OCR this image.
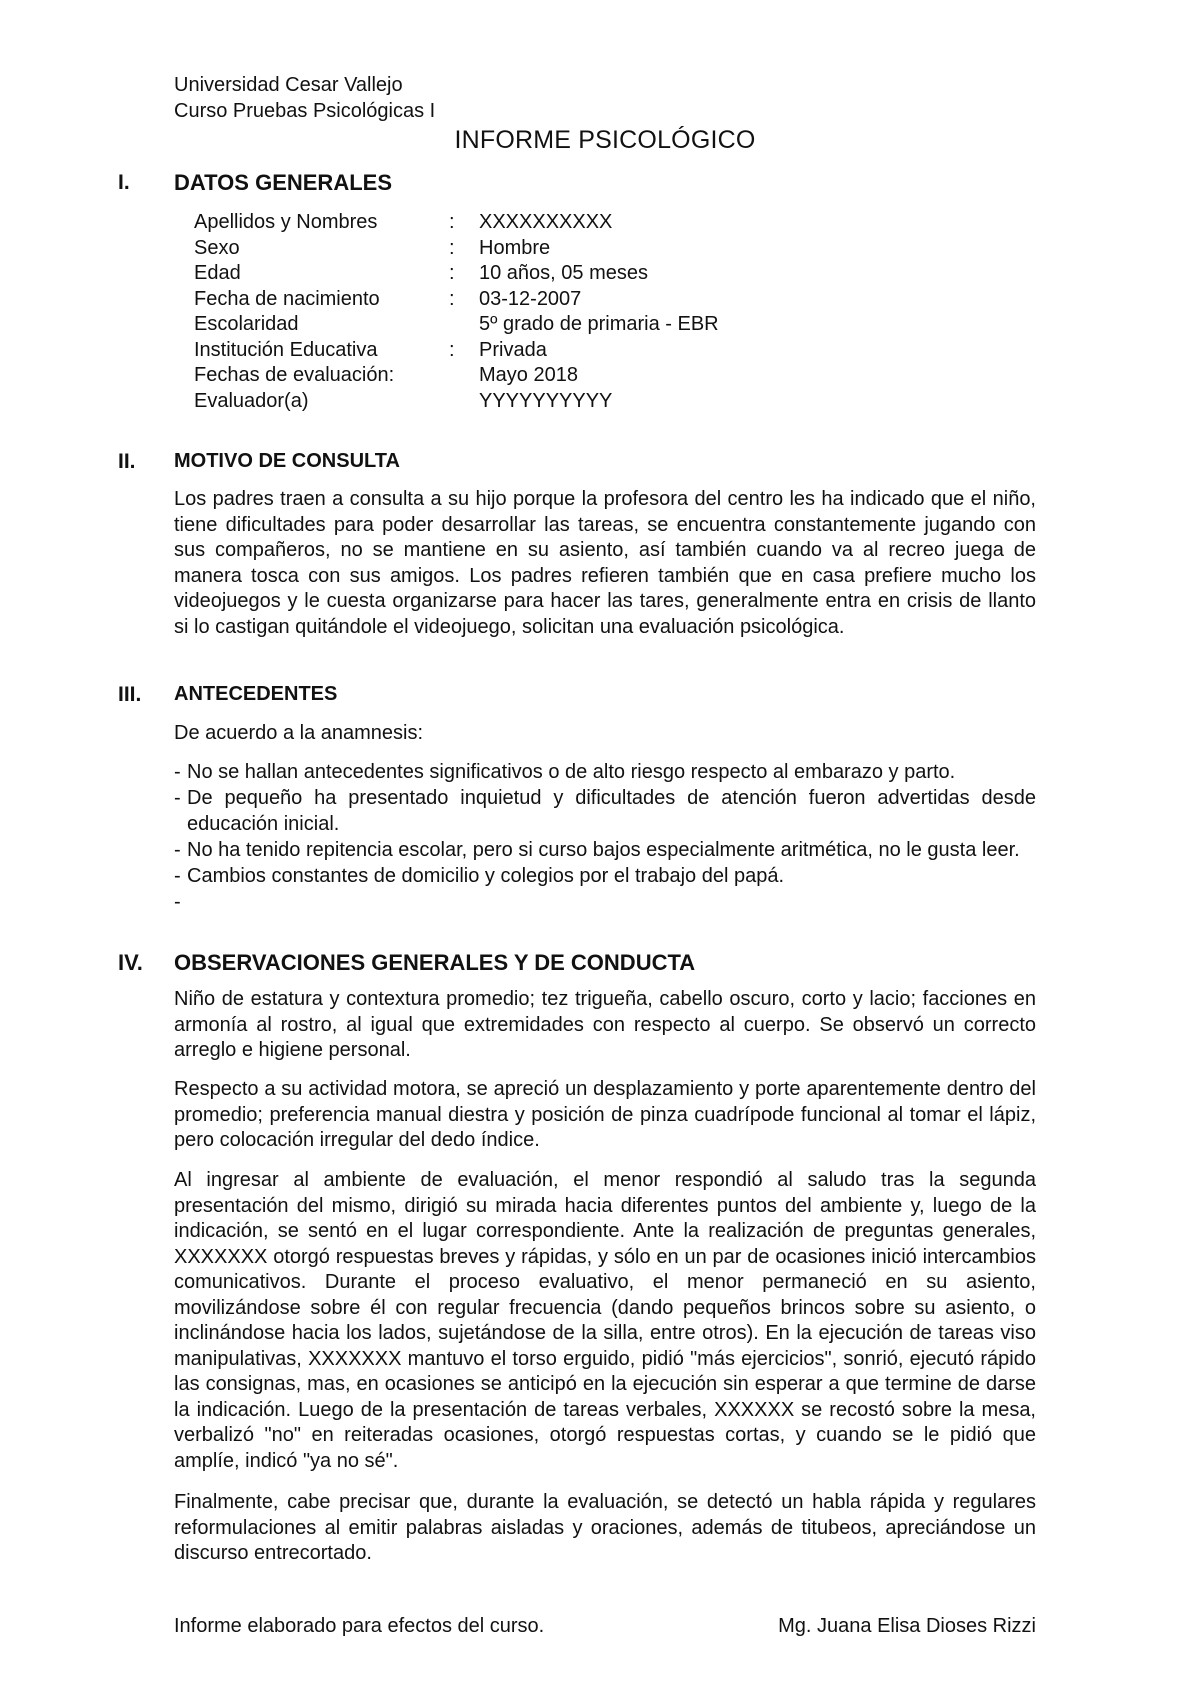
Universidad Cesar Vallejo
Curso Pruebas Psicológicas I
INFORME PSICOLÓGICO
I. DATOS GENERALES
Apellidos y Nombres	: XXXXXXXXXX
Sexo	: Hombre
Edad	: 10 años, 05 meses
Fecha de nacimiento	: 03-12-2007
Escolaridad	5º grado de primaria - EBR
Institución Educativa	: Privada
Fechas de evaluación:	Mayo 2018
Evaluador(a)	YYYYYYYYYY
II. MOTIVO DE CONSULTA

Los padres traen a consulta a su hijo porque la profesora del centro les ha indicado que el niño, tiene dificultades para poder desarrollar las tareas, se encuentra constantemente jugando con sus compañeros, no se mantiene en su asiento, así también cuando va al recreo juega de manera tosca con sus amigos. Los padres refieren también que en casa prefiere mucho los videojuegos y le cuesta organizarse para hacer las tares, generalmente entra en crisis de llanto si lo castigan quitándole el videojuego, solicitan una evaluación psicológica.

III. ANTECEDENTES
De acuerdo a la anamnesis:
- No se hallan antecedentes significativos o de alto riesgo respecto al embarazo y parto.
- De pequeño ha presentado inquietud y dificultades de atención fueron advertidas desde educación inicial.
- No ha tenido repitencia escolar, pero si curso bajos especialmente aritmética, no le gusta leer.
- Cambios constantes de domicilio y colegios por el trabajo del papá.
-
IV. OBSERVACIONES GENERALES Y DE CONDUCTA

Niño de estatura y contextura promedio; tez trigueña, cabello oscuro, corto y lacio; facciones en armonía al rostro, al igual que extremidades con respecto al cuerpo. Se observó un correcto arreglo e higiene personal.

Respecto a su actividad motora, se apreció un desplazamiento y porte aparentemente dentro del promedio; preferencia manual diestra y posición de pinza cuadrípode funcional al tomar el lápiz, pero colocación irregular del dedo índice.

Al ingresar al ambiente de evaluación, el menor respondió al saludo tras la segunda presentación del mismo, dirigió su mirada hacia diferentes puntos del ambiente y, luego de la indicación, se sentó en el lugar correspondiente. Ante la realización de preguntas generales, XXXXXXX otorgó respuestas breves y rápidas, y sólo en un par de ocasiones inició intercambios comunicativos. Durante el proceso evaluativo, el menor permaneció en su asiento, movilizándose sobre él con regular frecuencia (dando pequeños brincos sobre su asiento, o inclinándose hacia los lados, sujetándose de la silla, entre otros). En la ejecución de tareas viso manipulativas, XXXXXXX mantuvo el torso erguido, pidió "más ejercicios", sonrió, ejecutó rápido las consignas, mas, en ocasiones se anticipó en la ejecución sin esperar a que termine de darse la indicación. Luego de la presentación de tareas verbales, XXXXXX se recostó sobre la mesa, verbalizó "no" en reiteradas ocasiones, otorgó respuestas cortas, y cuando se le pidió que amplíe, indicó "ya no sé".

Finalmente, cabe precisar que, durante la evaluación, se detectó un habla rápida y regulares reformulaciones al emitir palabras aisladas y oraciones, además de titubeos, apreciándose un discurso entrecortado.

Informe elaborado para efectos del curso.	Mg. Juana Elisa Dioses Rizzi
